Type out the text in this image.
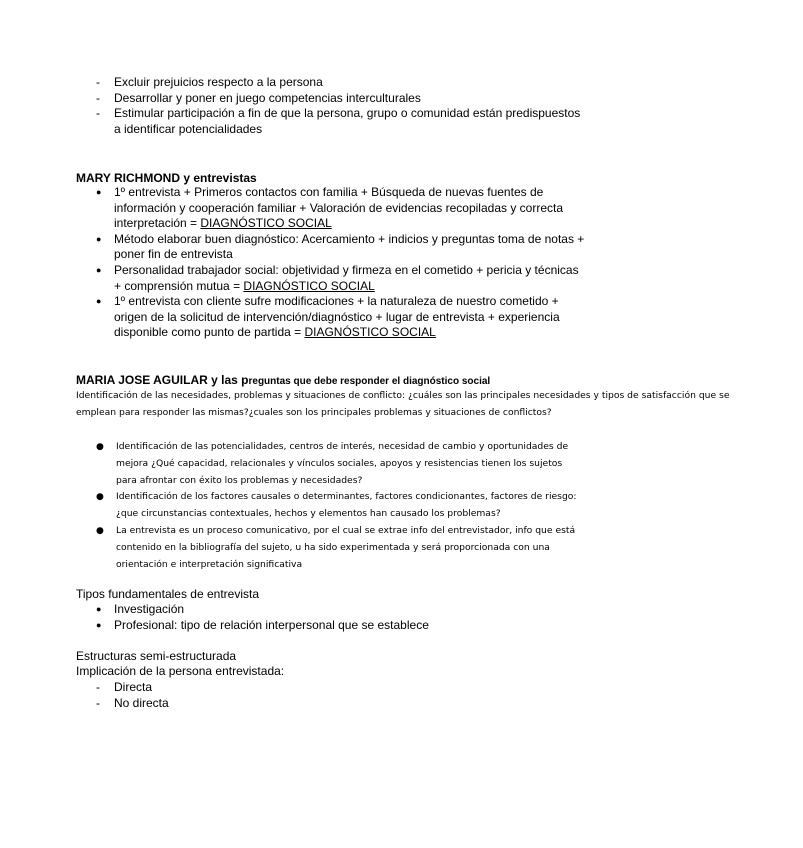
- Excluir prejuicios respecto a la persona
- Desarrollar y poner en juego competencias interculturales
- Estimular participación a fin de que la persona, grupo o comunidad están predispuestos a identificar potencialidades
MARY RICHMOND y entrevistas
● 1º entrevista + Primeros contactos con familia + Búsqueda de nuevas fuentes de información y cooperación familiar + Valoración de evidencias recopiladas y correcta interpretación = DIAGNÓSTICO SOCIAL
● Método elaborar buen diagnóstico: Acercamiento + indicios y preguntas toma de notas + poner fin de entrevista
● Personalidad trabajador social: objetividad y firmeza en el cometido + pericia y técnicas + comprensión mutua = DIAGNÓSTICO SOCIAL
● 1º entrevista con cliente sufre modificaciones + la naturaleza de nuestro cometido + origen de la solicitud de intervención/diagnóstico + lugar de entrevista + experiencia disponible como punto de partida = DIAGNÓSTICO SOCIAL
MARIA JOSE AGUILAR y las preguntas que debe responder el diagnóstico social
Identificación de las necesidades, problemas y situaciones de conflicto: ¿cuáles son las principales necesidades y tipos de satisfacción que se emplean para responder las mismas?¿cuales son los principales problemas y situaciones de conflictos?
● Identificación de las potencialidades, centros de interés, necesidad de cambio y oportunidades de mejora ¿Qué capacidad, relacionales y vínculos sociales, apoyos y resistencias tienen los sujetos para afrontar con éxito los problemas y necesidades?
● Identificación de los factores causales o determinantes, factores condicionantes, factores de riesgo: ¿que circunstancias contextuales, hechos y elementos han causado los problemas?
● La entrevista es un proceso comunicativo, por el cual se extrae info del entrevistador, info que está contenido en la bibliografía del sujeto, u ha sido experimentada y será proporcionada con una orientación e interpretación significativa
Tipos fundamentales de entrevista
● Investigación
● Profesional: tipo de relación interpersonal que se establece
Estructuras semi-estructurada
Implicación de la persona entrevistada:
- Directa
- No directa
